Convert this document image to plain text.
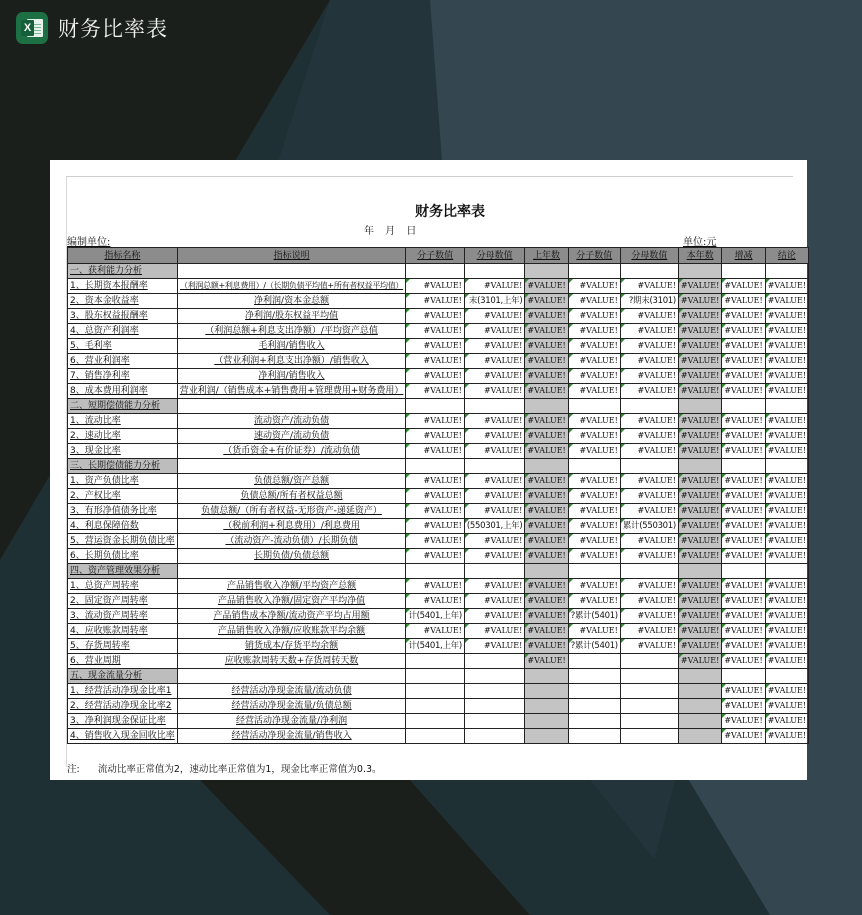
X 财务比率表
财务比率表
年 月 日
编制单位:	单位:元
指标名称	指标说明	分子数值	分母数值	上年数	分子数值	分母数值	本年数	增减	结论
一、获利能力分析									
1、长期资本报酬率	（利润总额+利息费用）/（长期负债平均值+所有者权益平均值）	#VALUE!	#VALUE!	#VALUE!	#VALUE!	#VALUE!	#VALUE!	#VALUE!	#VALUE!
2、资本金收益率	净利润/资本金总额	#VALUE!	末(3101,上年)	#VALUE!	#VALUE!	?期末(3101)	#VALUE!	#VALUE!	#VALUE!
3、股东权益报酬率	净利润/股东权益平均值	#VALUE!	#VALUE!	#VALUE!	#VALUE!	#VALUE!	#VALUE!	#VALUE!	#VALUE!
4、总资产利润率	（利润总额+利息支出净额）/平均资产总值	#VALUE!	#VALUE!	#VALUE!	#VALUE!	#VALUE!	#VALUE!	#VALUE!	#VALUE!
5、毛利率	毛利润/销售收入	#VALUE!	#VALUE!	#VALUE!	#VALUE!	#VALUE!	#VALUE!	#VALUE!	#VALUE!
6、营业利润率	（营业利润+利息支出净额）/销售收入	#VALUE!	#VALUE!	#VALUE!	#VALUE!	#VALUE!	#VALUE!	#VALUE!	#VALUE!
7、销售净利率	净利润/销售收入	#VALUE!	#VALUE!	#VALUE!	#VALUE!	#VALUE!	#VALUE!	#VALUE!	#VALUE!
8、成本费用利润率	营业利润/（销售成本+销售费用+管理费用+财务费用）	#VALUE!	#VALUE!	#VALUE!	#VALUE!	#VALUE!	#VALUE!	#VALUE!	#VALUE!
二、短期偿债能力分析									
1、流动比率	流动资产/流动负债	#VALUE!	#VALUE!	#VALUE!	#VALUE!	#VALUE!	#VALUE!	#VALUE!	#VALUE!
2、速动比率	速动资产/流动负债	#VALUE!	#VALUE!	#VALUE!	#VALUE!	#VALUE!	#VALUE!	#VALUE!	#VALUE!
3、现金比率	（货币资金+有价证券）/流动负债	#VALUE!	#VALUE!	#VALUE!	#VALUE!	#VALUE!	#VALUE!	#VALUE!	#VALUE!
三、长期偿债能力分析									
1、资产负债比率	负债总额/资产总额	#VALUE!	#VALUE!	#VALUE!	#VALUE!	#VALUE!	#VALUE!	#VALUE!	#VALUE!
2、产权比率	负债总额/所有者权益总额	#VALUE!	#VALUE!	#VALUE!	#VALUE!	#VALUE!	#VALUE!	#VALUE!	#VALUE!
3、有形净值债务比率	负债总额/（所有者权益-无形资产-递延资产）	#VALUE!	#VALUE!	#VALUE!	#VALUE!	#VALUE!	#VALUE!	#VALUE!	#VALUE!
4、利息保障倍数	（税前利润+利息费用）/利息费用	#VALUE!	(550301,上年)	#VALUE!	#VALUE!	累计(550301)	#VALUE!	#VALUE!	#VALUE!
5、营运资金长期负债比率	（流动资产-流动负债）/长期负债	#VALUE!	#VALUE!	#VALUE!	#VALUE!	#VALUE!	#VALUE!	#VALUE!	#VALUE!
6、长期负债比率	长期负债/负债总额	#VALUE!	#VALUE!	#VALUE!	#VALUE!	#VALUE!	#VALUE!	#VALUE!	#VALUE!
四、资产管理效果分析									
1、总资产周转率	产品销售收入净额/平均资产总额	#VALUE!	#VALUE!	#VALUE!	#VALUE!	#VALUE!	#VALUE!	#VALUE!	#VALUE!
2、固定资产周转率	产品销售收入净额/固定资产平均净值	#VALUE!	#VALUE!	#VALUE!	#VALUE!	#VALUE!	#VALUE!	#VALUE!	#VALUE!
3、流动资产周转率	产品销售成本净额/流动资产平均占用额	计(5401,上年)	#VALUE!	#VALUE!	?累计(5401)	#VALUE!	#VALUE!	#VALUE!	#VALUE!
4、应收账款周转率	产品销售收入净额/应收账款平均余额	#VALUE!	#VALUE!	#VALUE!	#VALUE!	#VALUE!	#VALUE!	#VALUE!	#VALUE!
5、存货周转率	销货成本/存货平均余额	计(5401,上年)	#VALUE!	#VALUE!	?累计(5401)	#VALUE!	#VALUE!	#VALUE!	#VALUE!
6、营业周期	应收账款周转天数+存货周转天数			#VALUE!			#VALUE!	#VALUE!	#VALUE!
五、现金流量分析									
1、经营活动净现金比率1	经营活动净现金流量/流动负债							#VALUE!	#VALUE!
2、经营活动净现金比率2	经营活动净现金流量/负债总额							#VALUE!	#VALUE!
3、净利润现金保证比率	经营活动净现金流量/净利润							#VALUE!	#VALUE!
4、销售收入现金回收比率	经营活动净现金流量/销售收入							#VALUE!	#VALUE!
注: 流动比率正常值为2，速动比率正常值为1，现金比率正常值为0.3。
